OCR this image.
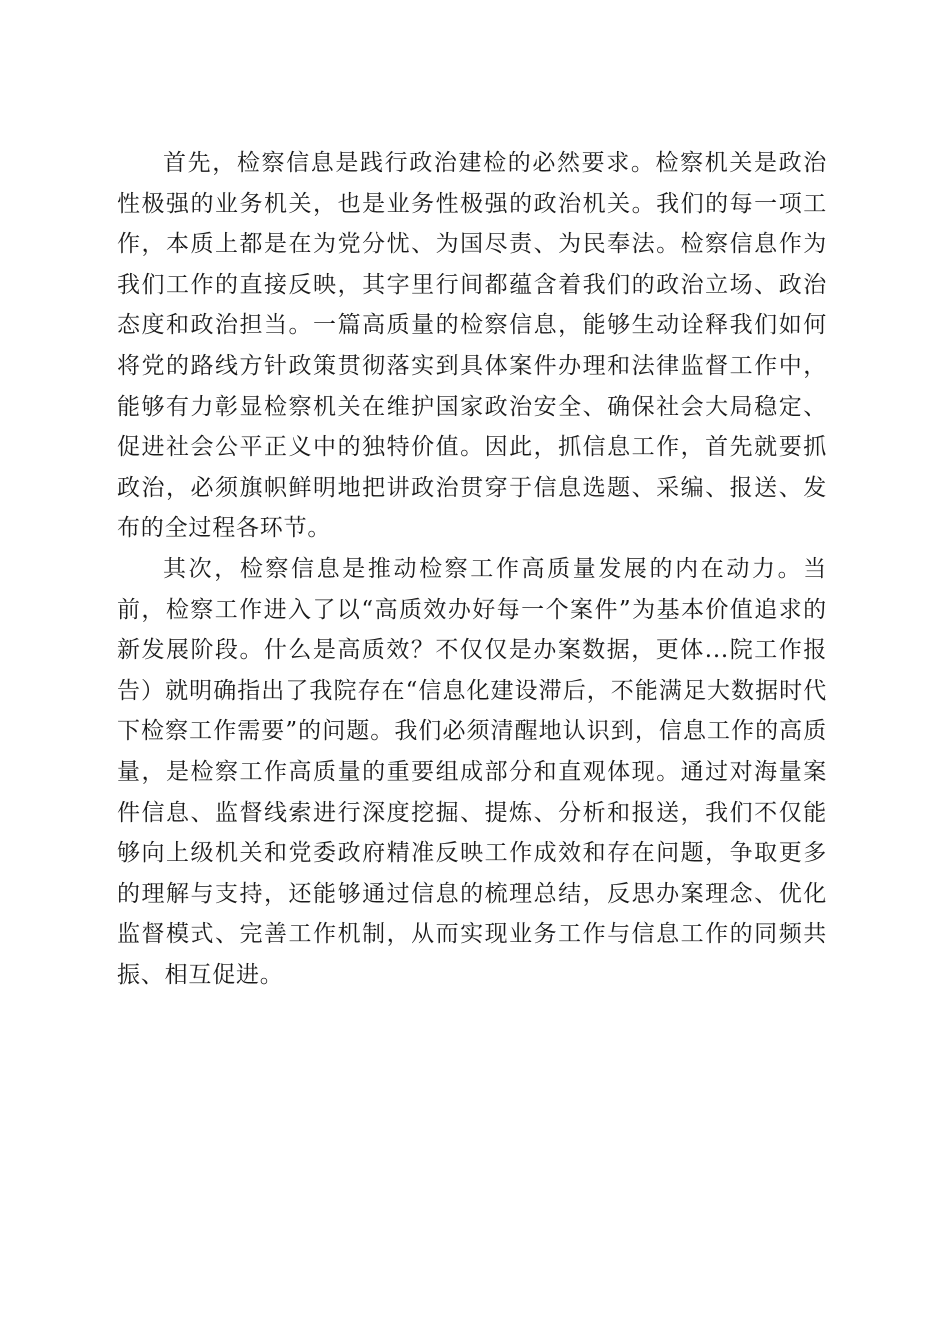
首先，检察信息是践行政治建检的必然要求。检察机关是政治性极强的业务机关，也是业务性极强的政治机关。我们的每一项工作，本质上都是在为党分忧、为国尽责、为民奉法。检察信息作为我们工作的直接反映，其字里行间都蕴含着我们的政治立场、政治态度和政治担当。一篇高质量的检察信息，能够生动诠释我们如何将党的路线方针政策贯彻落实到具体案件办理和法律监督工作中，能够有力彰显检察机关在维护国家政治安全、确保社会大局稳定、促进社会公平正义中的独特价值。因此，抓信息工作，首先就要抓政治，必须旗帜鲜明地把讲政治贯穿于信息选题、采编、报送、发布的全过程各环节。

其次，检察信息是推动检察工作高质量发展的内在动力。当前，检察工作进入了以“高质效办好每一个案件”为基本价值追求的新发展阶段。什么是高质效？不仅仅是办案数据，更体...院工作报告）就明确指出了我院存在“信息化建设滞后，不能满足大数据时代下检察工作需要”的问题。我们必须清醒地认识到，信息工作的高质量，是检察工作高质量的重要组成部分和直观体现。通过对海量案件信息、监督线索进行深度挖掘、提炼、分析和报送，我们不仅能够向上级机关和党委政府精准反映工作成效和存在问题，争取更多的理解与支持，还能够通过信息的梳理总结，反思办案理念、优化监督模式、完善工作机制，从而实现业务工作与信息工作的同频共振、相互促进。
